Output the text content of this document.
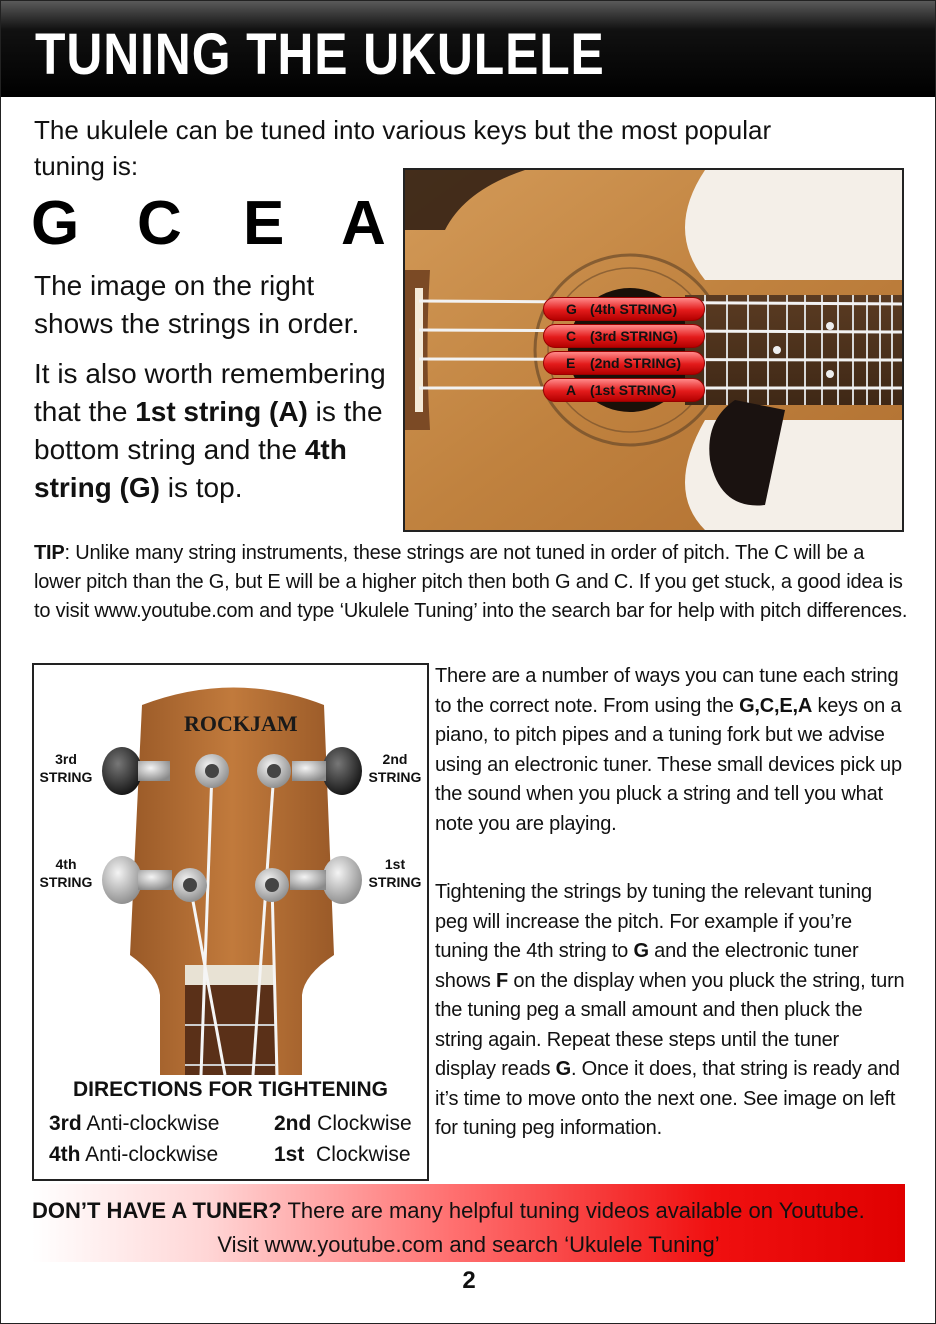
TUNING THE UKULELE
The ukulele can be tuned into various keys but the most popular tuning is:
G C E A
The image on the right shows the strings in order.
It is also worth remembering that the 1st string (A) is the bottom string and the 4th string (G) is top.
G (4th STRING)
C (3rd STRING)
E (2nd STRING)
A (1st STRING)
TIP: Unlike many string instruments, these strings are not tuned in order of pitch. The C will be a lower pitch than the G, but E will be a higher pitch then both G and C. If you get stuck, a good idea is to visit www.youtube.com and type ‘Ukulele Tuning’ into the search bar for help with pitch differences.
ROCKJAM
3rd
STRING
2nd
STRING
4th
STRING
1st
STRING
DIRECTIONS FOR TIGHTENING
3rd Anti-clockwise	2nd Clockwise
4th Anti-clockwise	1st  Clockwise
There are a number of ways you can tune each string to the correct note. From using the G,C,E,A keys on a piano, to pitch pipes and a tuning fork but we advise using an electronic tuner. These small devices pick up the sound when you pluck a string and tell you what note you are playing.
Tightening the strings by tuning the relevant tuning peg will increase the pitch. For example if you’re tuning the 4th string to G and the electronic tuner shows F on the display when you pluck the string, turn the tuning peg a small amount and then pluck the string again. Repeat these steps until the tuner display reads G. Once it does, that string is ready and it’s time to move onto the next one. See image on left for tuning peg information.
DON’T HAVE A TUNER? There are many helpful tuning videos available on Youtube.
Visit www.youtube.com and search ‘Ukulele Tuning’
2
